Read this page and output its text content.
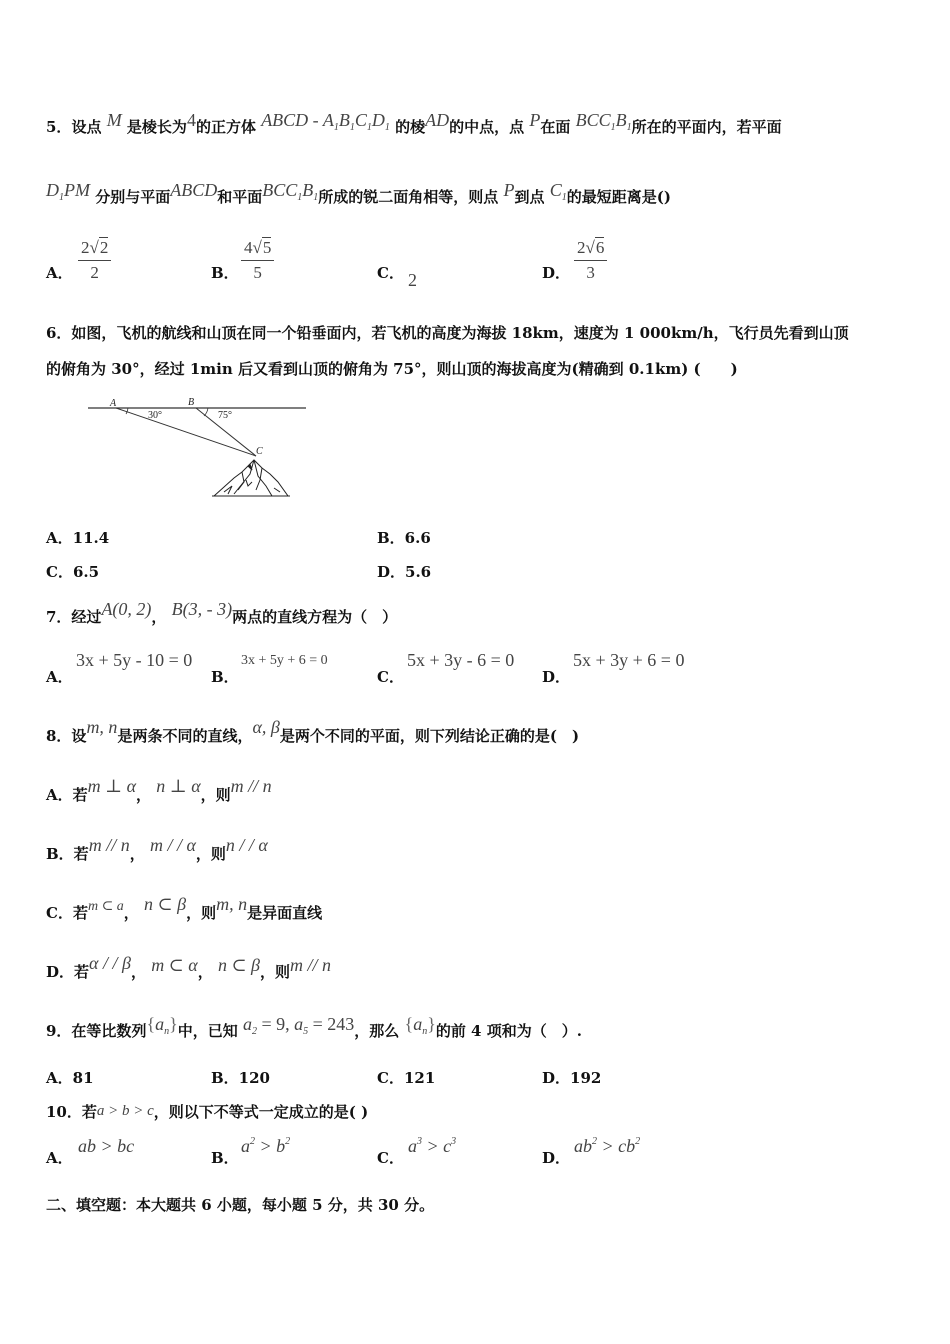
5．设点 M 是棱长为4的正方体 ABCD - $A_1B_1C_1D_1$ 的棱AD的中点，点 P在面 $BCC_1B_1$所在的平面内，若平面
$D_1PM$ 分别与平面ABCD和平面$BCC_1B_1$所成的锐二面角相等，则点 P到点 $C_1$的最短距离是()
A． $\frac{2√2}{2}$	B． $\frac{4√5}{5}$	C． 2	D． $\frac{2√6}{3}$
6．如图，飞机的航线和山顶在同一个铅垂面内，若飞机的高度为海拔 18km，速度为 1 000km/h，飞行员先看到山顶
的俯角为 30°，经过 1min 后又看到山顶的俯角为 75°，则山顶的海拔高度为(精确到 0.1km) (　　)
A	B
30°	75°
C
A．11.4	B．6.6
C．6.5	D．5.6
7．经过A(0, 2)， B(3, - 3)两点的直线方程为（　）
A．
3x + 5y - 10 = 0
B．
3x + 5y + 6 = 0
C．
5x + 3y - 6 = 0
D．
5x + 3y + 6 = 0
8．设m, n是两条不同的直线，α, β是两个不同的平面，则下列结论正确的是(　)
A．若m ⊥ α， n ⊥ α，则m // n
B．若m // n， m / / α，则n / / α
C．若m ⊂ a， n ⊂ β，则m, n是异面直线
D．若α / / β， m ⊂ α， n ⊂ β，则m // n
9．在等比数列$\{a_n\}$中，已知 $a_2 = 9$, $a_5 = 243$，那么 $\{a_n\}$的前 4 项和为（　）.
A．81	B．120	C．121	D．192
10．若a > b > c，则以下不等式一定成立的是( )
A．
ab > bc
B．
$a^2 > b^2$
C．
$a^3 > c^3$
D．
$ab^2 > cb^2$
二、填空题：本大题共 6 小题，每小题 5 分，共 30 分。
